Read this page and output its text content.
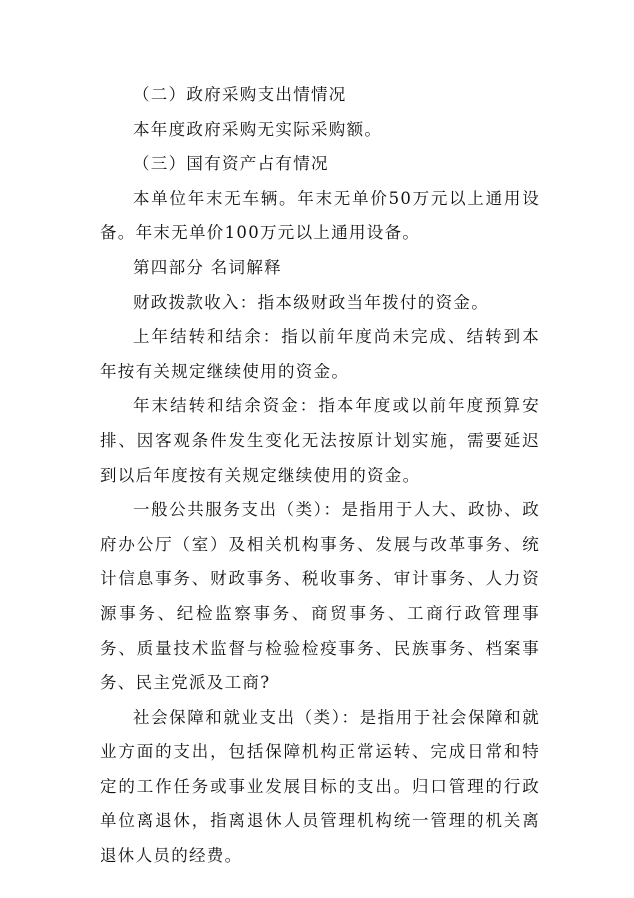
（二）政府采购支出情情况

本年度政府采购无实际采购额。

（三）国有资产占有情况

本单位年末无车辆。年末无单价50万元以上通用设备。年末无单价100万元以上通用设备。

第四部分 名词解释

财政拨款收入：指本级财政当年拨付的资金。

上年结转和结余：指以前年度尚未完成、结转到本年按有关规定继续使用的资金。

年末结转和结余资金：指本年度或以前年度预算安排、因客观条件发生变化无法按原计划实施，需要延迟到以后年度按有关规定继续使用的资金。

一般公共服务支出（类）：是指用于人大、政协、政府办公厅（室）及相关机构事务、发展与改革事务、统计信息事务、财政事务、税收事务、审计事务、人力资源事务、纪检监察事务、商贸事务、工商行政管理事务、质量技术监督与检验检疫事务、民族事务、档案事务、民主党派及工商?

社会保障和就业支出（类）：是指用于社会保障和就业方面的支出，包括保障机构正常运转、完成日常和特定的工作任务或事业发展目标的支出。归口管理的行政单位离退休，指离退休人员管理机构统一管理的机关离退休人员的经费。
